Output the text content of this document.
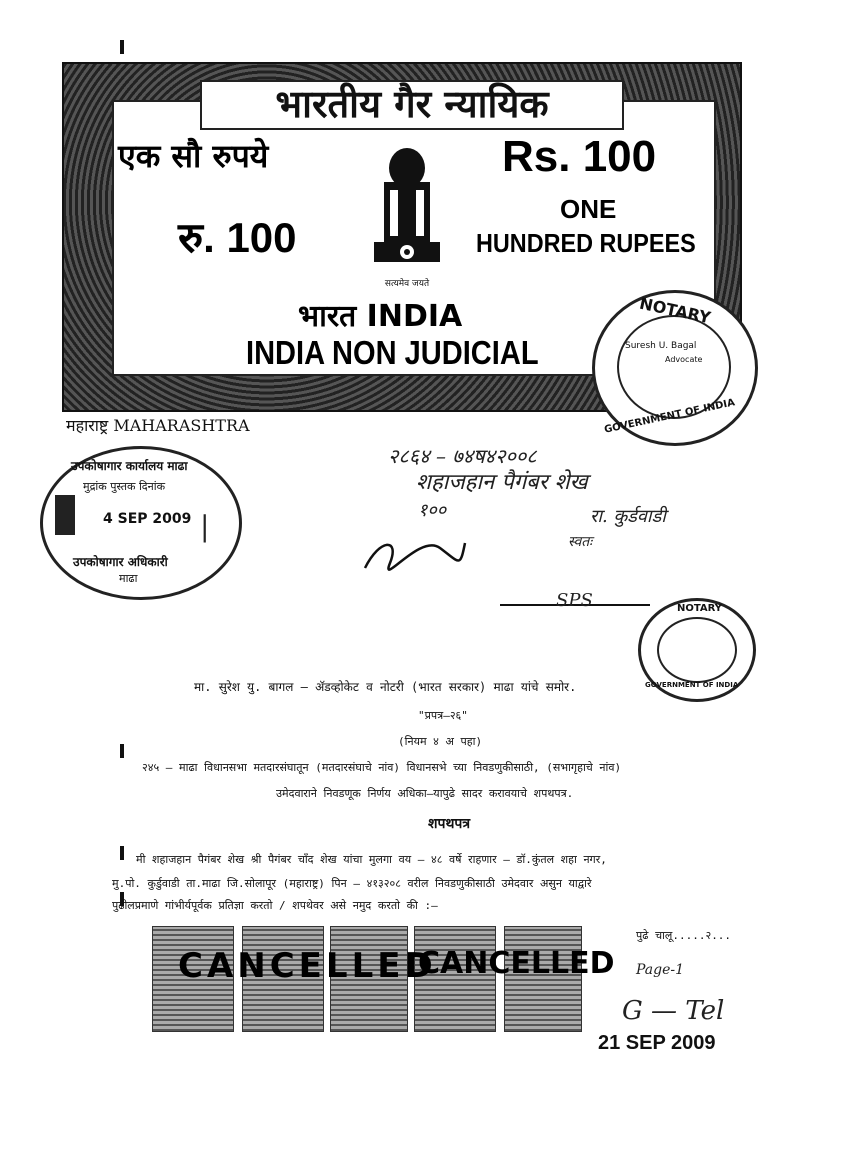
भारतीय गैर न्यायिक
एक सौ रुपये	Rs. 100
रु. 100
ONE
HUNDRED RUPEES
सत्यमेव जयते
भारत INDIA
INDIA NON JUDICIAL
NOTARY
Suresh U. Bagal
Advocate
GOVERNMENT OF INDIA
महाराष्ट्र MAHARASHTRA
उपकोषागार कार्यालय माढा
मुद्रांक पुस्तक दिनांक
4 SEP 2009
उपकोषागार अधिकारी
माढा
|
२८६४ – ७४ष४२००८
शहाजहान पैगंबर शेख
१००	रा. कुर्डवाडी
स्वतः
SPS	NOTARY
GOVERNMENT OF INDIA
मा. सुरेश यु. बागल – ॲडव्होकेट व नोटरी (भारत सरकार) माढा यांचे समोर.
"प्रपत्र–२६"
(नियम ४ अ पहा)
२४५ – माढा विधानसभा मतदारसंघातून (मतदारसंघाचे नांव) विधानसभे च्या निवडणुकीसाठी, (सभागृहाचे नांव)
उमेदवाराने निवडणूक निर्णय अधिका–यापुढे सादर करावयाचे शपथपत्र.
शपथपत्र
मी शहाजहान पैगंबर शेख श्री पैगंबर चाँद शेख यांचा मुलगा वय – ४८ वर्षे राहणार – डॉ.कुंतल शहा नगर,
मु.पो. कुर्डुवाडी ता.माढा जि.सोलापूर (महाराष्ट्र) पिन – ४१३२०८ वरील निवडणुकीसाठी उमेदवार असुन याद्वारे
पुढीलप्रमाणे गांभीर्यपूर्वक प्रतिज्ञा करतो / शपथेवर असे नमुद करतो की :–
पुढे चालू.....२...
CANCELLED
CANCELLED Page-1
G — Tel
21 SEP 2009
